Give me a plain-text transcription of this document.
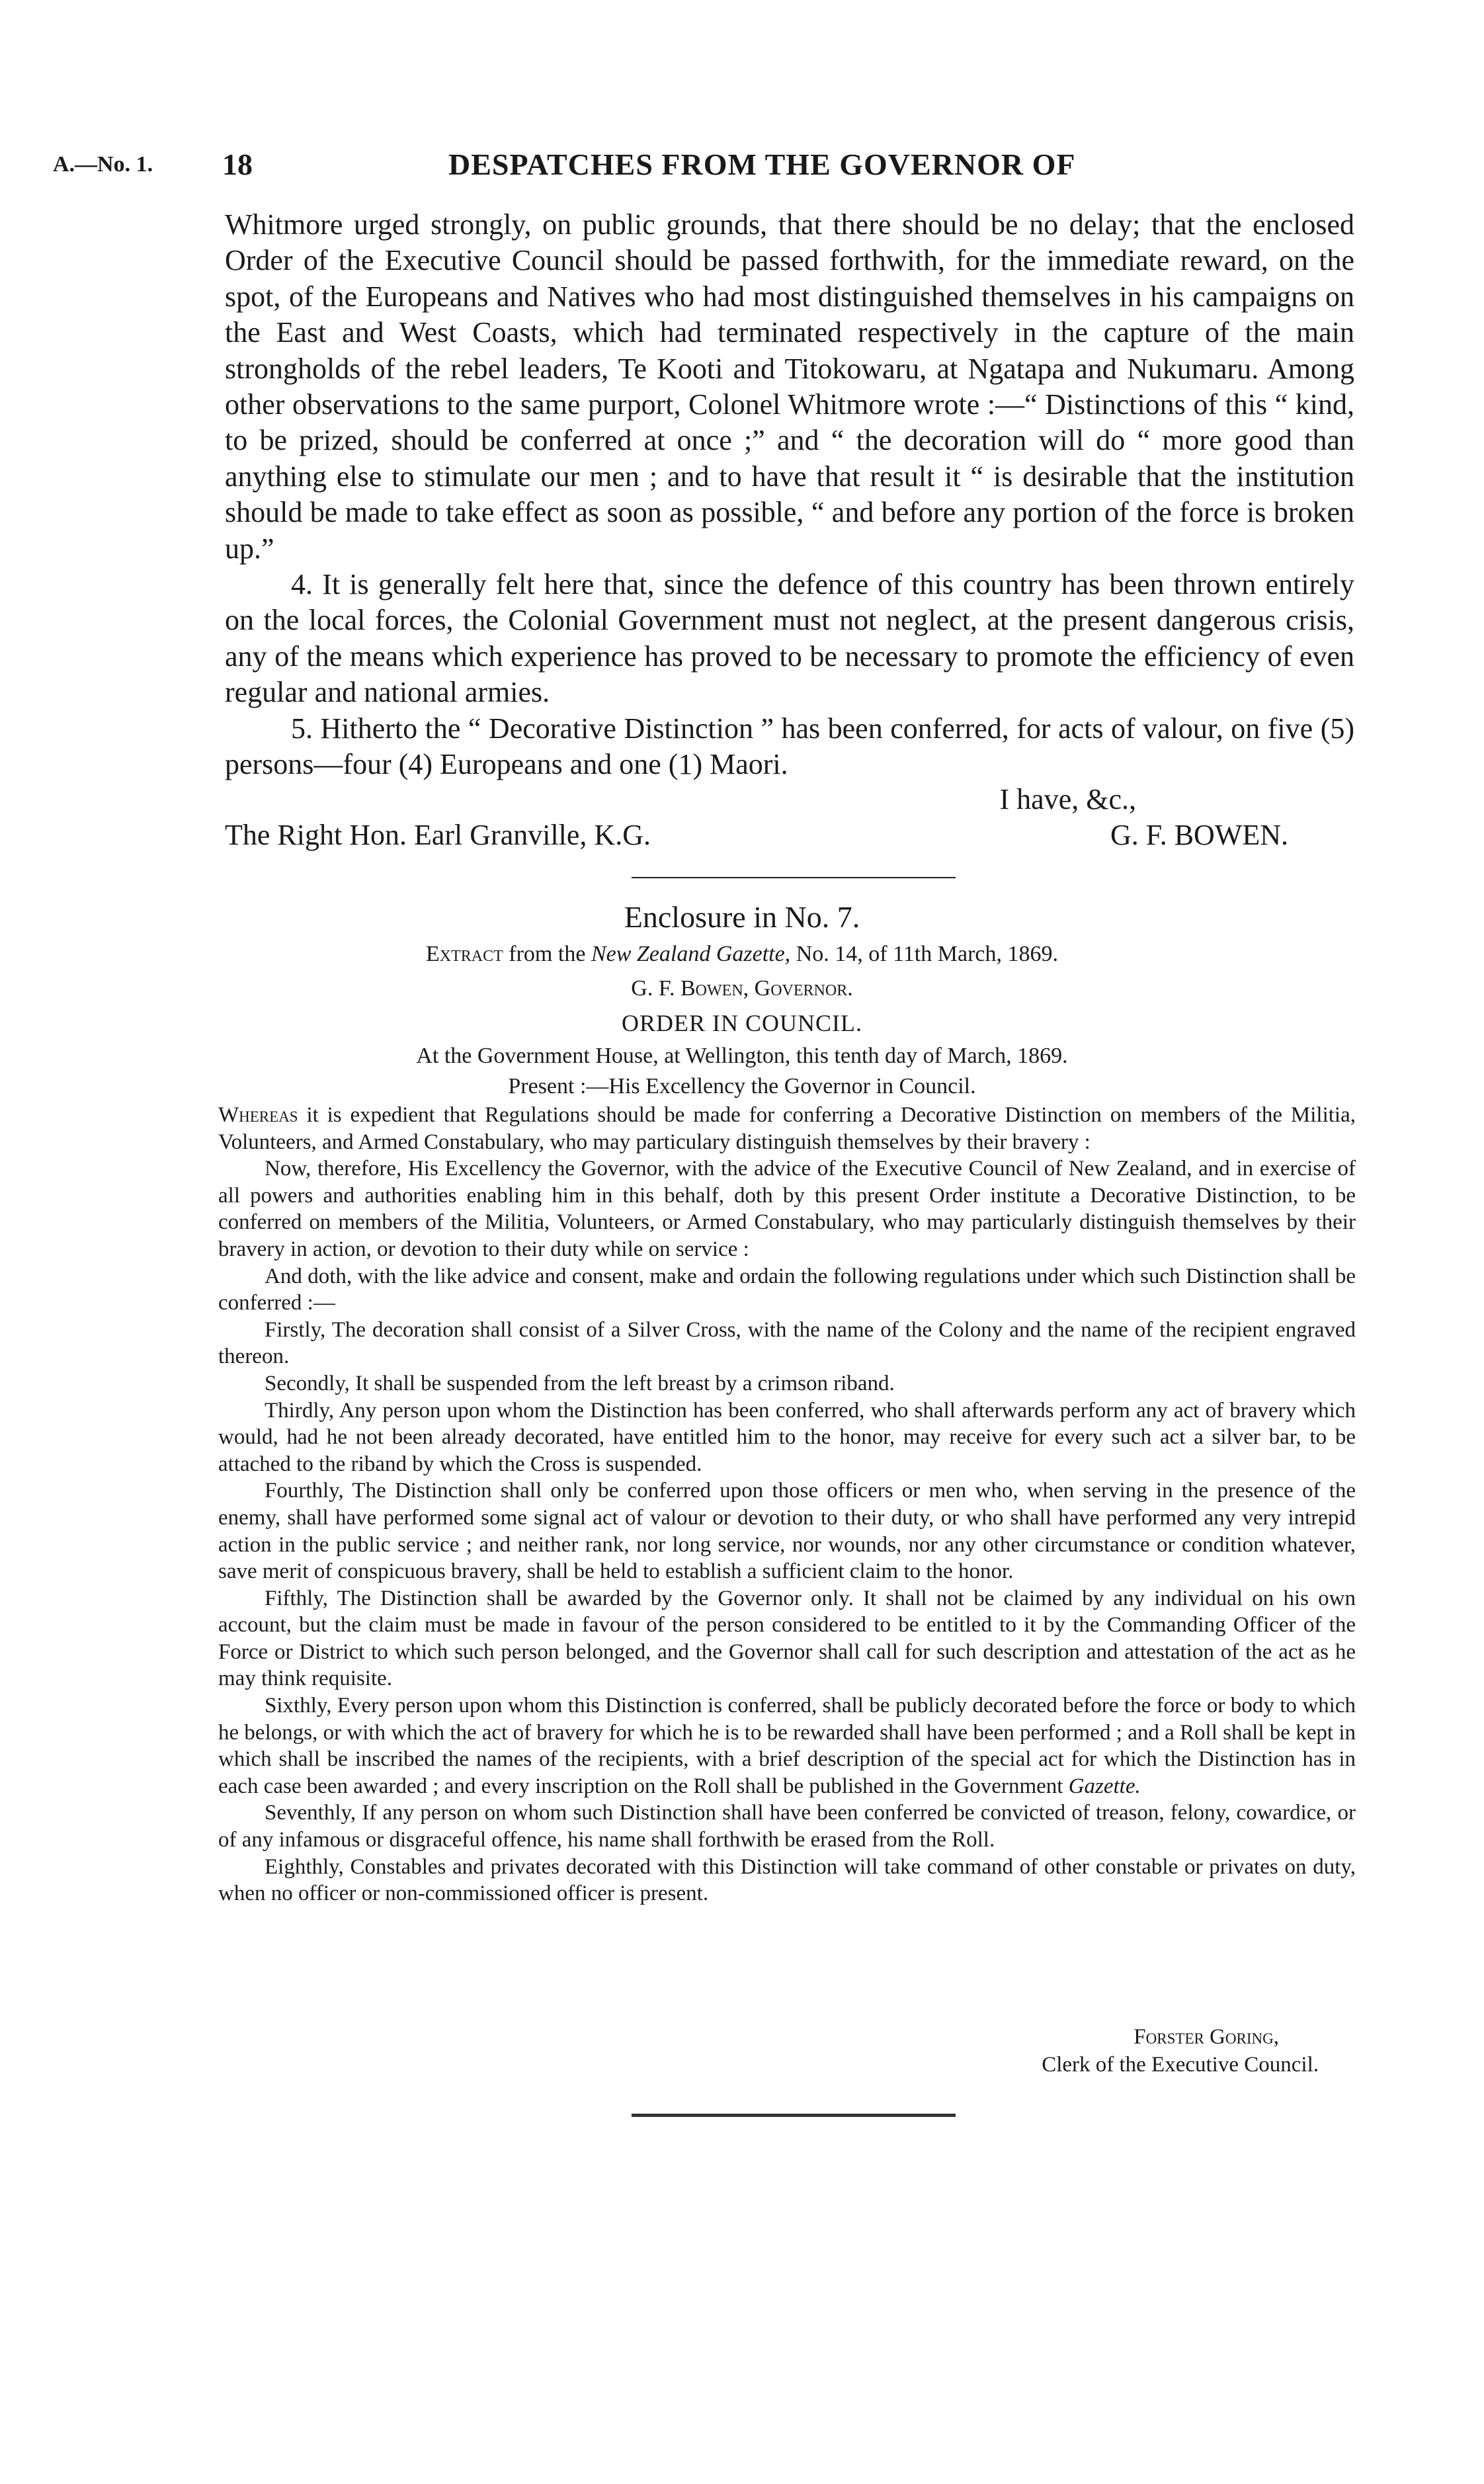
A.—No. 1. 18	DESPATCHES FROM THE GOVERNOR OF

Whitmore urged strongly, on public grounds, that there should be no delay; that the enclosed Order of the Executive Council should be passed forthwith, for the immediate reward, on the spot, of the Europeans and Natives who had most distinguished themselves in his campaigns on the East and West Coasts, which had terminated respectively in the capture of the main strongholds of the rebel leaders, Te Kooti and Titokowaru, at Ngatapa and Nukumaru. Among other observations to the same purport, Colonel Whitmore wrote :—“ Distinctions of this “ kind, to be prized, should be conferred at once ;” and “ the decoration will do “ more good than anything else to stimulate our men ; and to have that result it “ is desirable that the institution should be made to take effect as soon as possible, “ and before any portion of the force is broken up.”

4. It is generally felt here that, since the defence of this country has been thrown entirely on the local forces, the Colonial Government must not neglect, at the present dangerous crisis, any of the means which experience has proved to be necessary to promote the efficiency of even regular and national armies.

5. Hitherto the “ Decorative Distinction ” has been conferred, for acts of valour, on five (5) persons—four (4) Europeans and one (1) Maori.

I have, &c.,
The Right Hon. Earl Granville, K.G.	G. F. BOWEN.
Enclosure in No. 7.
Extract from the New Zealand Gazette, No. 14, of 11th March, 1869.
G. F. Bowen, Governor.
ORDER IN COUNCIL.
At the Government House, at Wellington, this tenth day of March, 1869.
Present :—His Excellency the Governor in Council.

Whereas it is expedient that Regulations should be made for conferring a Decorative Distinction on members of the Militia, Volunteers, and Armed Constabulary, who may particulary distinguish themselves by their bravery :

Now, therefore, His Excellency the Governor, with the advice of the Executive Council of New Zealand, and in exercise of all powers and authorities enabling him in this behalf, doth by this present Order institute a Decorative Distinction, to be conferred on members of the Militia, Volunteers, or Armed Constabulary, who may particularly distinguish themselves by their bravery in action, or devotion to their duty while on service :

And doth, with the like advice and consent, make and ordain the following regulations under which such Distinction shall be conferred :—

Firstly, The decoration shall consist of a Silver Cross, with the name of the Colony and the name of the recipient engraved thereon.

Secondly, It shall be suspended from the left breast by a crimson riband.

Thirdly, Any person upon whom the Distinction has been conferred, who shall afterwards perform any act of bravery which would, had he not been already decorated, have entitled him to the honor, may receive for every such act a silver bar, to be attached to the riband by which the Cross is suspended.

Fourthly, The Distinction shall only be conferred upon those officers or men who, when serving in the presence of the enemy, shall have performed some signal act of valour or devotion to their duty, or who shall have performed any very intrepid action in the public service ; and neither rank, nor long service, nor wounds, nor any other circumstance or condition whatever, save merit of conspicuous bravery, shall be held to establish a sufficient claim to the honor.

Fifthly, The Distinction shall be awarded by the Governor only. It shall not be claimed by any individual on his own account, but the claim must be made in favour of the person considered to be entitled to it by the Commanding Officer of the Force or District to which such person belonged, and the Governor shall call for such description and attestation of the act as he may think requisite.

Sixthly, Every person upon whom this Distinction is conferred, shall be publicly decorated before the force or body to which he belongs, or with which the act of bravery for which he is to be rewarded shall have been performed ; and a Roll shall be kept in which shall be inscribed the names of the recipients, with a brief description of the special act for which the Distinction has in each case been awarded ; and every inscription on the Roll shall be published in the Government Gazette.

Seventhly, If any person on whom such Distinction shall have been conferred be convicted of treason, felony, cowardice, or of any infamous or disgraceful offence, his name shall forthwith be erased from the Roll.

Eighthly, Constables and privates decorated with this Distinction will take command of other constable or privates on duty, when no officer or non-commissioned officer is present.

Forster Goring,
Clerk of the Executive Council.
